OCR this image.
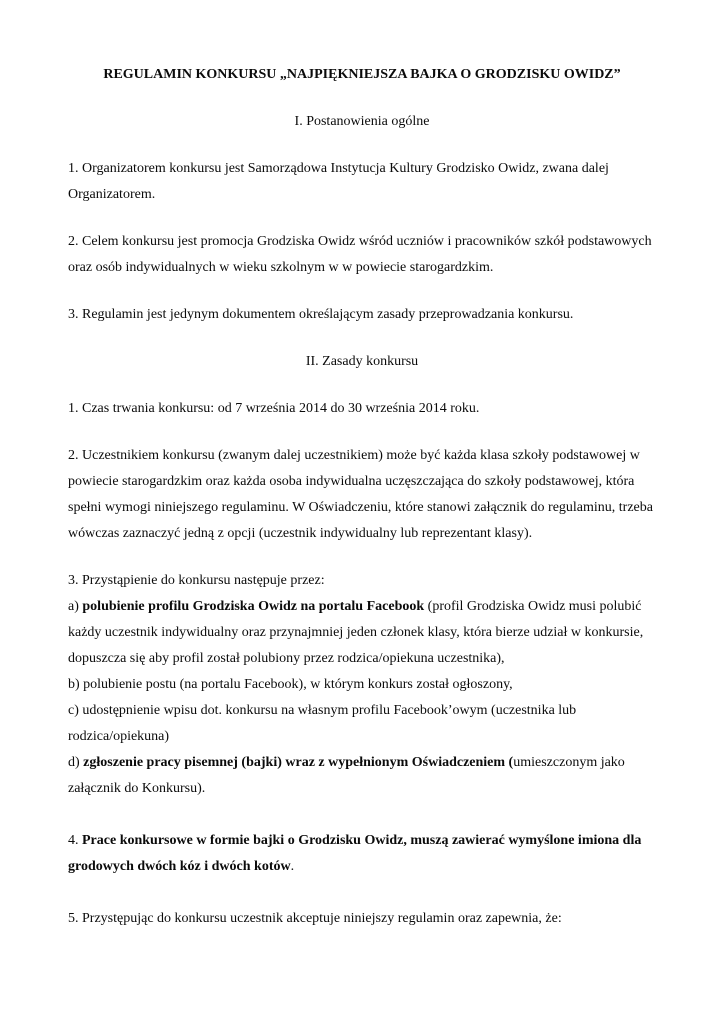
REGULAMIN KONKURSU „NAJPIĘKNIEJSZA BAJKA O GRODZISKU OWIDZ”
I. Postanowienia ogólne

1. Organizatorem konkursu jest Samorządowa Instytucja Kultury Grodzisko Owidz, zwana dalej Organizatorem.

2. Celem konkursu jest promocja Grodziska Owidz wśród uczniów i pracowników szkół podstawowych oraz osób indywidualnych w wieku szkolnym w w powiecie starogardzkim.

3. Regulamin jest jedynym dokumentem określającym zasady przeprowadzania konkursu.

II. Zasady konkursu

1. Czas trwania konkursu: od 7 września 2014 do 30 września 2014 roku.

2. Uczestnikiem konkursu (zwanym dalej uczestnikiem) może być każda klasa szkoły podstawowej w powiecie starogardzkim oraz każda osoba indywidualna uczęszczająca do szkoły podstawowej, która spełni wymogi niniejszego regulaminu. W Oświadczeniu, które stanowi załącznik do regulaminu, trzeba wówczas zaznaczyć jedną z opcji (uczestnik indywidualny lub reprezentant klasy).

3. Przystąpienie do konkursu następuje przez:

a) polubienie profilu Grodziska Owidz na portalu Facebook (profil Grodziska Owidz musi polubić każdy uczestnik indywidualny oraz przynajmniej jeden członek klasy, która bierze udział w konkursie, dopuszcza się aby profil został polubiony przez rodzica/opiekuna uczestnika),

b) polubienie postu (na portalu Facebook), w którym konkurs został ogłoszony,

c) udostępnienie wpisu dot. konkursu na własnym profilu Facebook’owym (uczestnika lub rodzica/opiekuna)

d) zgłoszenie pracy pisemnej (bajki) wraz z wypełnionym Oświadczeniem (umieszczonym jako załącznik do Konkursu).

4. Prace konkursowe w formie bajki o Grodzisku Owidz, muszą zawierać wymyślone imiona dla grodowych dwóch kóz i dwóch kotów.

5. Przystępując do konkursu uczestnik akceptuje niniejszy regulamin oraz zapewnia, że:
